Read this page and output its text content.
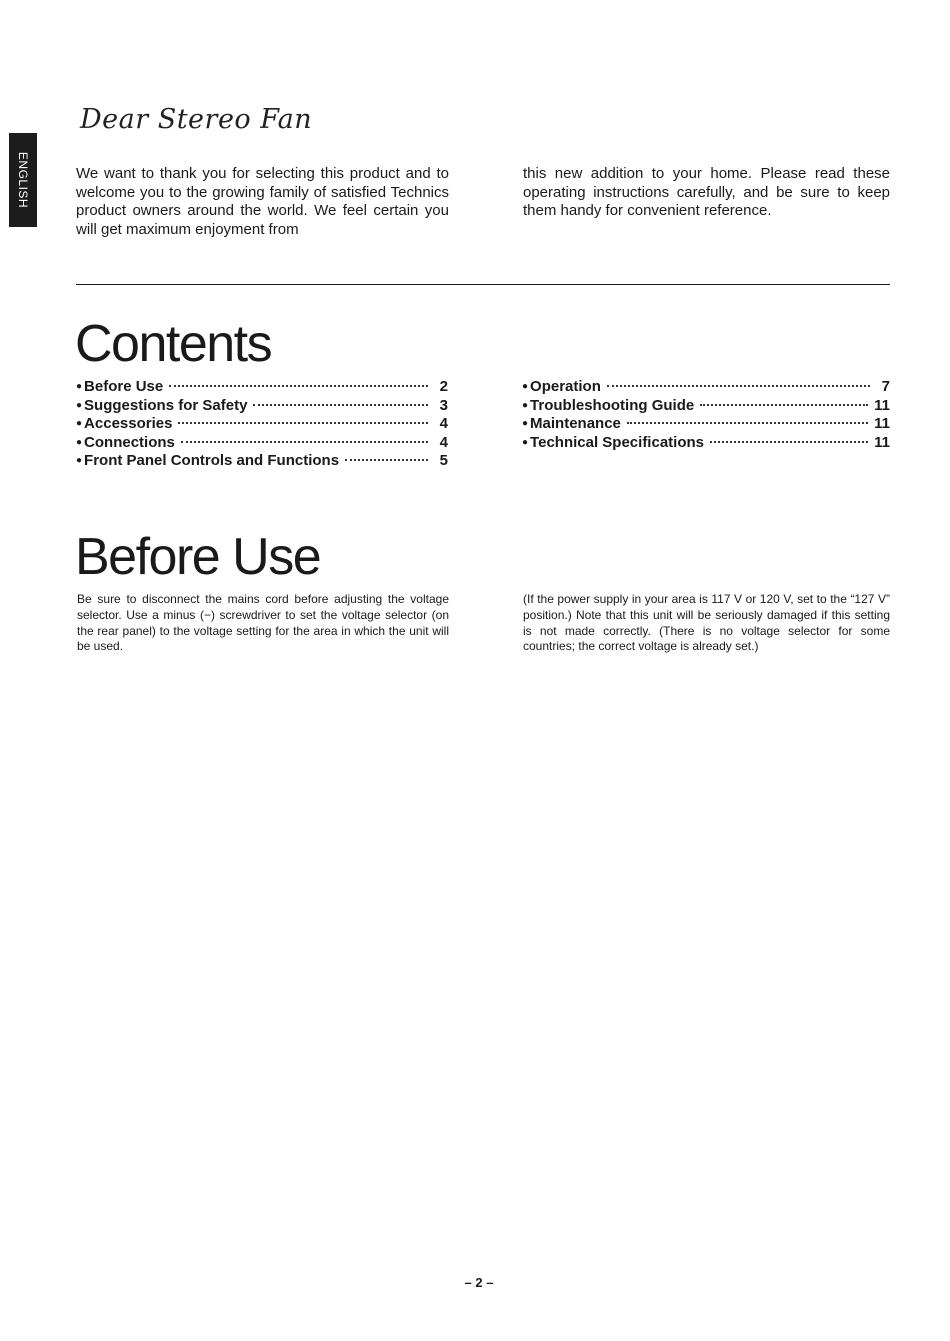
ENGLISH
Dear Stereo Fan

We want to thank you for selecting this product and to welcome you to the growing family of satisfied Technics product owners around the world. We feel certain you will get maximum enjoyment from

this new addition to your home. Please read these operating instructions carefully, and be sure to keep them handy for convenient reference.

Contents
● Before Use	2
● Suggestions for Safety	3
● Accessories	4
● Connections	4
● Front Panel Controls and Functions	5
● Operation	7
● Troubleshooting Guide	11
● Maintenance	11
● Technical Specifications	11
Before Use

Be sure to disconnect the mains cord before adjusting the voltage selector. Use a minus (−) screwdriver to set the voltage selector (on the rear panel) to the voltage setting for the area in which the unit will be used.

(If the power supply in your area is 117 V or 120 V, set to the “127 V” position.) Note that this unit will be seriously damaged if this setting is not made correctly. (There is no voltage selector for some countries; the correct voltage is already set.)

– 2 –
